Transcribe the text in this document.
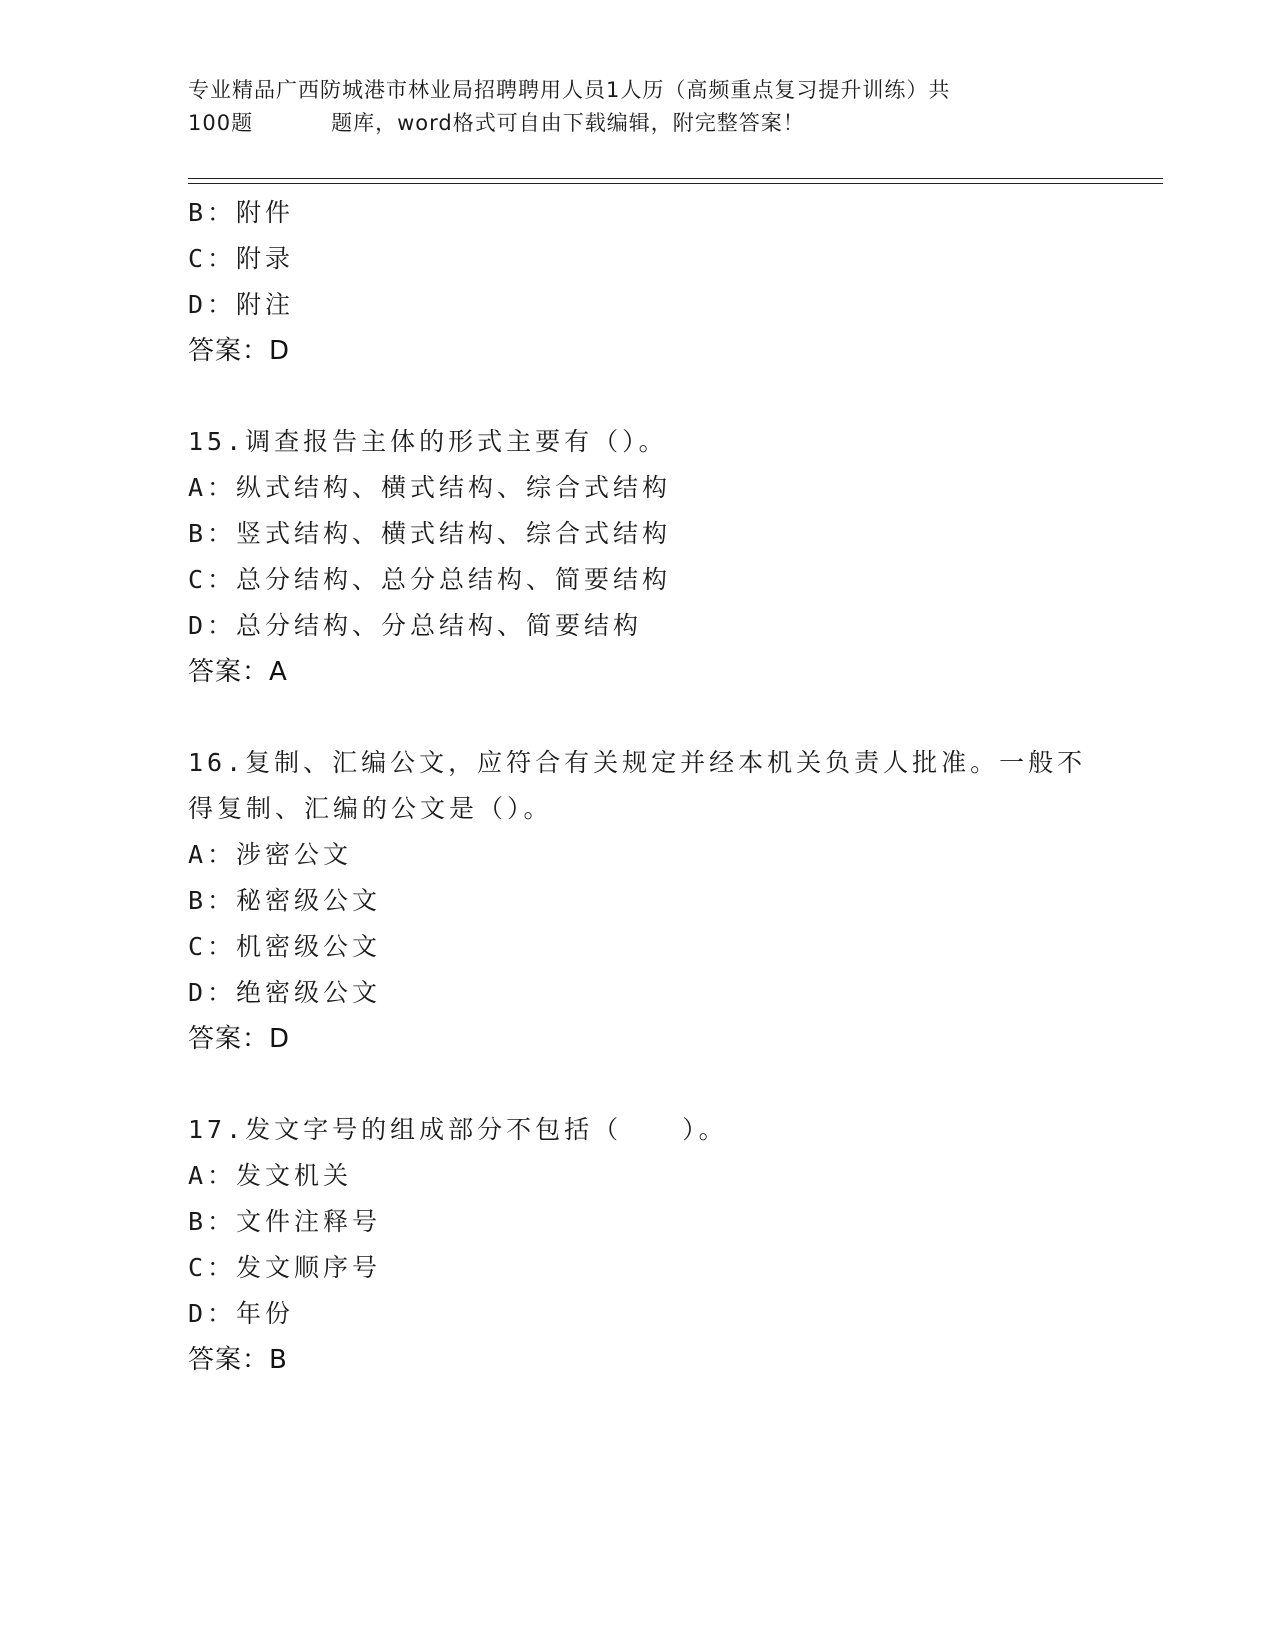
专业精品广西防城港市林业局招聘聘用人员1人历（高频重点复习提升训练）共
100题	题库，word格式可自由下载编辑，附完整答案！
B：附件
C：附录
D：附注
答案：D
15.调查报告主体的形式主要有（）。
A：纵式结构、横式结构、综合式结构
B：竖式结构、横式结构、综合式结构
C：总分结构、总分总结构、简要结构
D：总分结构、分总结构、简要结构
答案：A
16.复制、汇编公文，应符合有关规定并经本机关负责人批准。一般不
得复制、汇编的公文是（）。
A：涉密公文
B：秘密级公文
C：机密级公文
D：绝密级公文
答案：D
17.发文字号的组成部分不包括（ ）。
A：发文机关
B：文件注释号
C：发文顺序号
D：年份
答案：B
